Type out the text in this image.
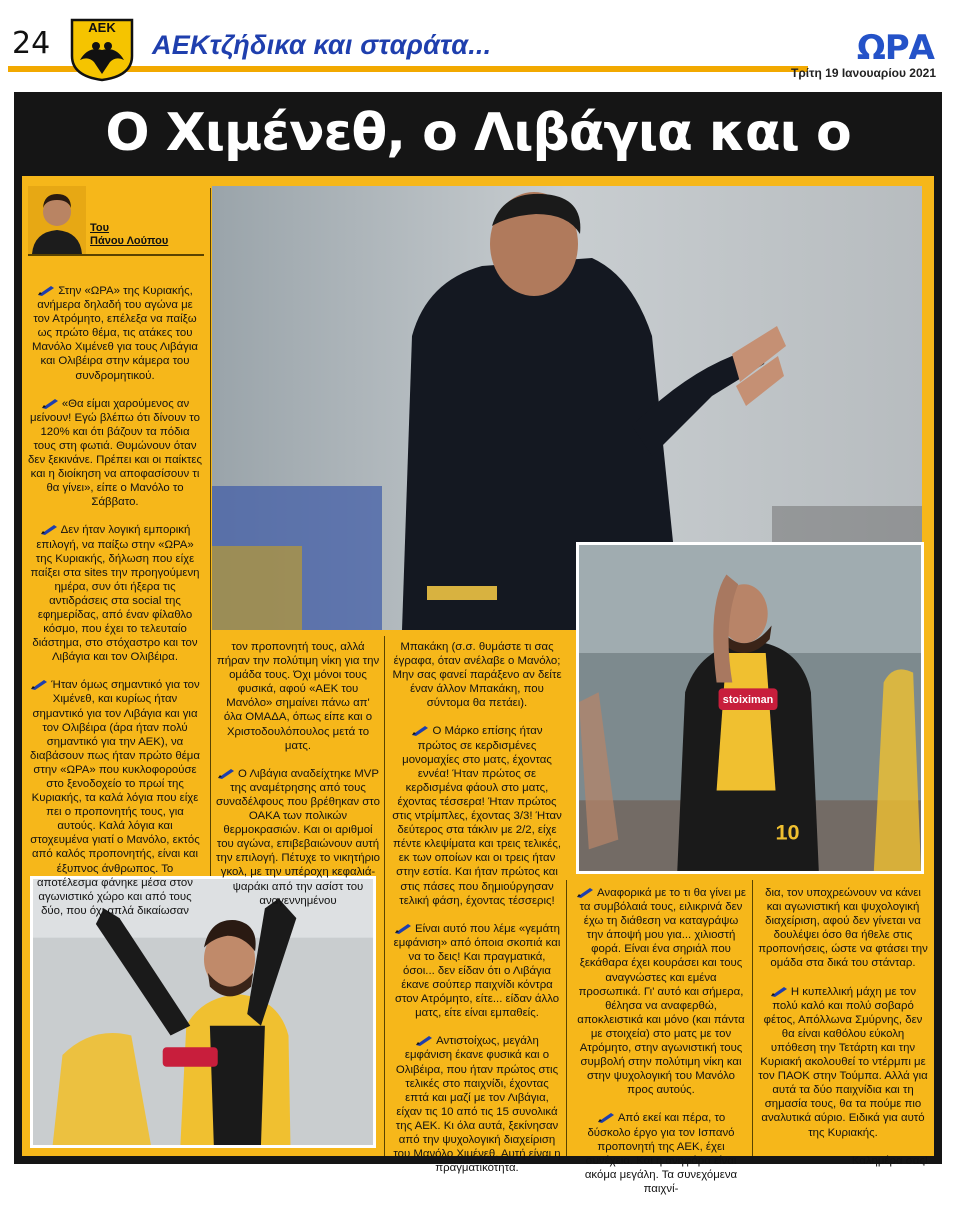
24	ΑΕΚ
ΑΕΚτζήδικα και σταράτα...	ΩΡΑ
Τρίτη 19 Ιανουαρίου 2021
Ο Χιμένεθ, ο Λιβάγια και ο
Του
Πάνου Λούπου
stoiximan
10

Στην «ΩΡΑ» της Κυριακής, ανήμερα δηλαδή του αγώνα με τον Ατρόμητο, επέλεξα να παίξω ως πρώτο θέμα, τις ατάκες του Μανόλο Χιμένεθ για τους Λιβάγια και Ολιβέιρα στην κάμερα του συνδρομητικού.

«Θα είμαι χαρούμενος αν μείνουν! Εγώ βλέπω ότι δίνουν το 120% και ότι βάζουν τα πόδια τους στη φωτιά. Θυμώνουν όταν δεν ξεκινάνε. Πρέπει και οι παίκτες και η διοίκηση να αποφασίσουν τι θα γίνει», είπε ο Μανόλο το Σάββατο.

Δεν ήταν λογική εμπορική επιλογή, να παίξω στην «ΩΡΑ» της Κυριακής, δήλωση που είχε παίξει στα sites την προηγούμενη ημέρα, συν ότι ήξερα τις αντιδράσεις στα social της εφημερίδας, από έναν φίλαθλο κόσμο, που έχει το τελευταίο διάστημα, στο στόχαστρο και τον Λιβάγια και τον Ολιβέιρα.

Ήταν όμως σημαντικό για τον Χιμένεθ, και κυρίως ήταν σημαντικό για τον Λιβάγια και για τον Ολιβέιρα (άρα ήταν πολύ σημαντικό για την ΑΕΚ), να διαβάσουν πως ήταν πρώτο θέμα στην «ΩΡΑ» που κυκλοφορούσε στο ξενοδοχείο το πρωί της Κυριακής, τα καλά λόγια που είχε πει ο προπονητής τους, για αυτούς. Καλά λόγια και στοχευμένα γιατί ο Μανόλο, εκτός από καλός προπονητής, είναι και έξυπνος άνθρωπος. Το αποτέλεσμα φάνηκε μέσα στον αγωνιστικό χώρο και από τους δύο, που όχι απλά δικαίωσαν

τον προπονητή τους, αλλά πήραν την πολύτιμη νίκη για την ομάδα τους. Όχι μόνοι τους φυσικά, αφού «ΑΕΚ του Μανόλο» σημαίνει πάνω απ' όλα ΟΜΑΔΑ, όπως είπε και ο Χριστοδουλόπουλος μετά το ματς.

Ο Λιβάγια αναδείχτηκε MVP της αναμέτρησης από τους συναδέλφους που βρέθηκαν στο ΟΑΚΑ των πολικών θερμοκρασιών. Και οι αριθμοί του αγώνα, επιβεβαιώνουν αυτή την επιλογή. Πέτυχε το νικητήριο γκολ, με την υπέροχη κεφαλιά-ψαράκι από την ασίστ του αναγεννημένου

Μπακάκη (σ.σ. θυμάστε τι σας έγραφα, όταν ανέλαβε ο Μανόλο; Μην σας φανεί παράξενο αν δείτε έναν άλλον Μπακάκη, που σύντομα θα πετάει).

Ο Μάρκο επίσης ήταν πρώτος σε κερδισμένες μονομαχίες στο ματς, έχοντας εννέα! Ήταν πρώτος σε κερδισμένα φάουλ στο ματς, έχοντας τέσσερα! Ήταν πρώτος στις ντρίμπλες, έχοντας 3/3! Ήταν δεύτερος στα τάκλιν με 2/2, είχε πέντε κλεψίματα και τρεις τελικές, εκ των οποίων και οι τρεις ήταν στην εστία. Και ήταν πρώτος και στις πάσες που δημιούργησαν τελική φάση, έχοντας τέσσερις!

Είναι αυτό που λέμε «γεμάτη εμφάνιση» από όποια σκοπιά και να το δεις! Και πραγματικά, όσοι... δεν είδαν ότι ο Λιβάγια έκανε σούπερ παιχνίδι κόντρα στον Ατρόμητο, είτε... είδαν άλλο ματς, είτε είναι εμπαθείς.

Αντιστοίχως, μεγάλη εμφάνιση έκανε φυσικά και ο Ολιβέιρα, που ήταν πρώτος στις τελικές στο παιχνίδι, έχοντας επτά και μαζί με τον Λιβάγια, είχαν τις 10 από τις 15 συνολικά της ΑΕΚ. Κι όλα αυτά, ξεκίνησαν από την ψυχολογική διαχείριση του Μανόλο Χιμένεθ. Αυτή είναι η πραγματικότητα.

Αναφορικά με το τι θα γίνει με τα συμβόλαιά τους, ειλικρινά δεν έχω τη διάθεση να καταγράψω την άποψή μου για... χιλιοστή φορά. Είναι ένα σηριάλ που ξεκάθαρα έχει κουράσει και τους αναγνώστες και εμένα προσωπικά. Γι' αυτό και σήμερα, θέλησα να αναφερθώ, αποκλειστικά και μόνο (και πάντα με στοιχεία) στο ματς με τον Ατρόμητο, στην αγωνιστική τους συμβολή στην πολύτιμη νίκη και στην ψυχολογική του Μανόλο προς αυτούς.

Από εκεί και πέρα, το δύσκολο έργο για τον Ισπανό προπονητή της ΑΕΚ, έχει συνέχεια. Και η ανηφόρα είναι ακόμα μεγάλη. Τα συνεχόμενα παιχνί-

δια, τον υποχρεώνουν να κάνει και αγωνιστική και ψυχολογική διαχείριση, αφού δεν γίνεται να δουλέψει όσο θα ήθελε στις προπονήσεις, ώστε να φτάσει την ομάδα στα δικά του στάνταρ.

Η κυπελλική μάχη με τον πολύ καλό και πολύ σοβαρό φέτος, Απόλλωνα Σμύρνης, δεν θα είναι καθόλου εύκολη υπόθεση την Τετάρτη και την Κυριακή ακολουθεί το ντέρμπι με τον ΠΑΟΚ στην Τούμπα. Αλλά για αυτά τα δύο παιχνίδια και τη σημασία τους, θα τα πούμε πιο αναλυτικά αύριο. Ειδικά για αυτό της Κυριακής.

Καλημέρα σας!
